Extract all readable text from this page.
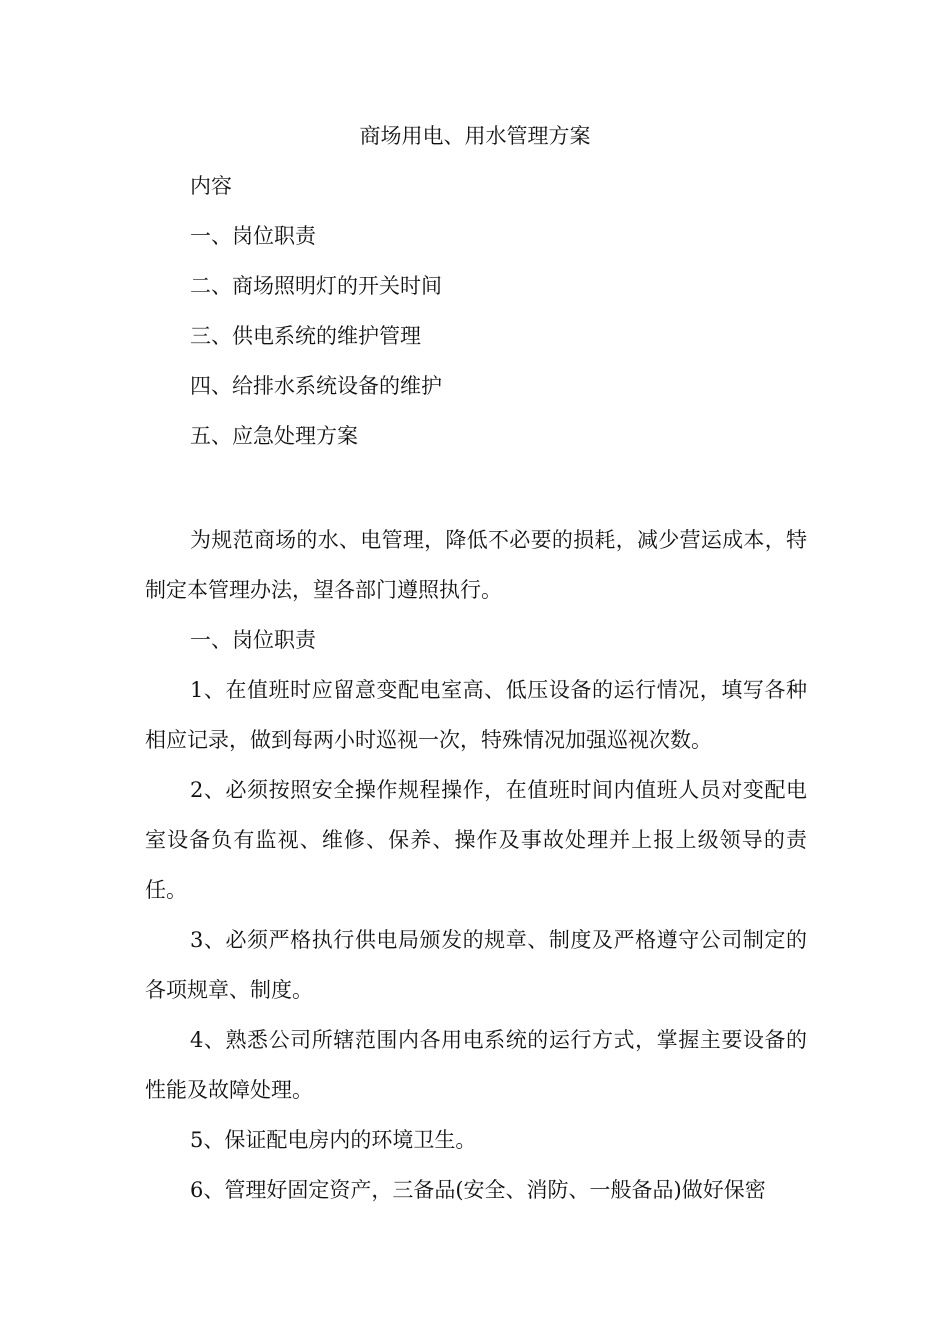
商场用电、用水管理方案
内容
一、岗位职责
二、商场照明灯的开关时间
三、供电系统的维护管理
四、给排水系统设备的维护
五、应急处理方案

为规范商场的水、电管理，降低不必要的损耗，减少营运成本，特制定本管理办法，望各部门遵照执行。

一、岗位职责

1、在值班时应留意变配电室高、低压设备的运行情况，填写各种相应记录，做到每两小时巡视一次，特殊情况加强巡视次数。

2、必须按照安全操作规程操作，在值班时间内值班人员对变配电室设备负有监视、维修、保养、操作及事故处理并上报上级领导的责任。

3、必须严格执行供电局颁发的规章、制度及严格遵守公司制定的各项规章、制度。

4、熟悉公司所辖范围内各用电系统的运行方式，掌握主要设备的性能及故障处理。

5、保证配电房内的环境卫生。

6、管理好固定资产，三备品(安全、消防、一般备品)做好保密
